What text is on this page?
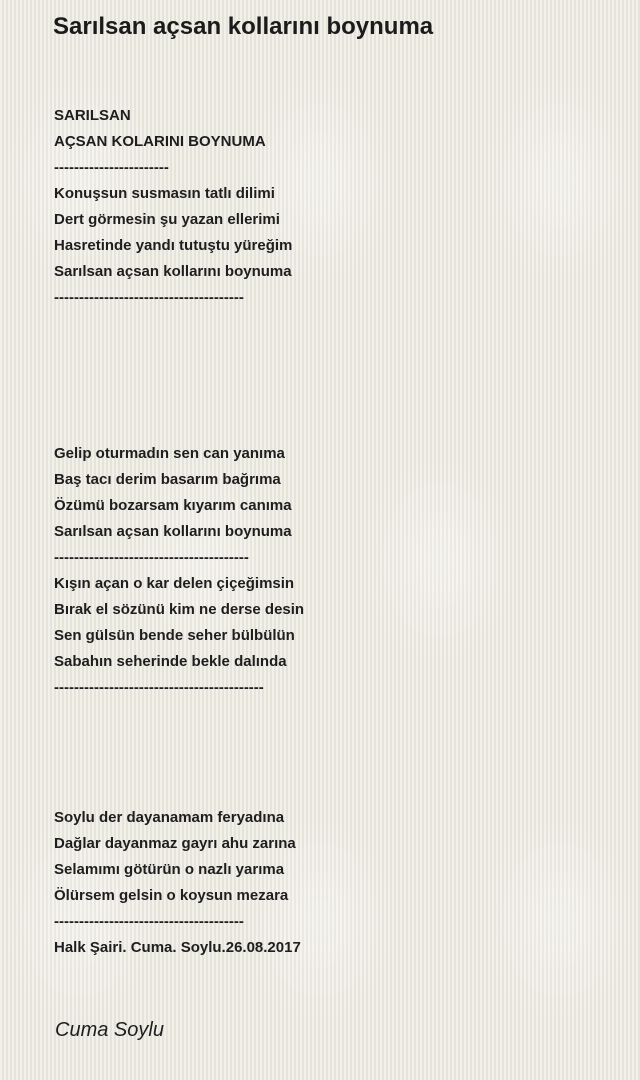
Sarılsan açsan kollarını boynuma
SARILSAN
AÇSAN KOLARINI BOYNUMA
-----------------------
Konuşsun susmasın tatlı dilimi
Dert görmesin şu yazan ellerimi
Hasretinde yandı tutuştu yüreğim
Sarılsan açsan kollarını boynuma
--------------------------------------
Gelip oturmadın sen can yanıma
Baş tacı derim basarım bağrıma
Özümü bozarsam kıyarım canıma
Sarılsan açsan kollarını boynuma
---------------------------------------
Kışın açan o kar delen çiçeğimsin
Bırak el sözünü kim ne derse desin
Sen gülsün bende seher bülbülün
Sabahın seherinde bekle dalında
------------------------------------------
Soylu der dayanamam feryadına
Dağlar dayanmaz gayrı ahu zarına
Selamımı götürün o nazlı yarıma
Ölürsem gelsin o koysun mezara
--------------------------------------
Halk Şairi. Cuma. Soylu.26.08.2017
Cuma Soylu
